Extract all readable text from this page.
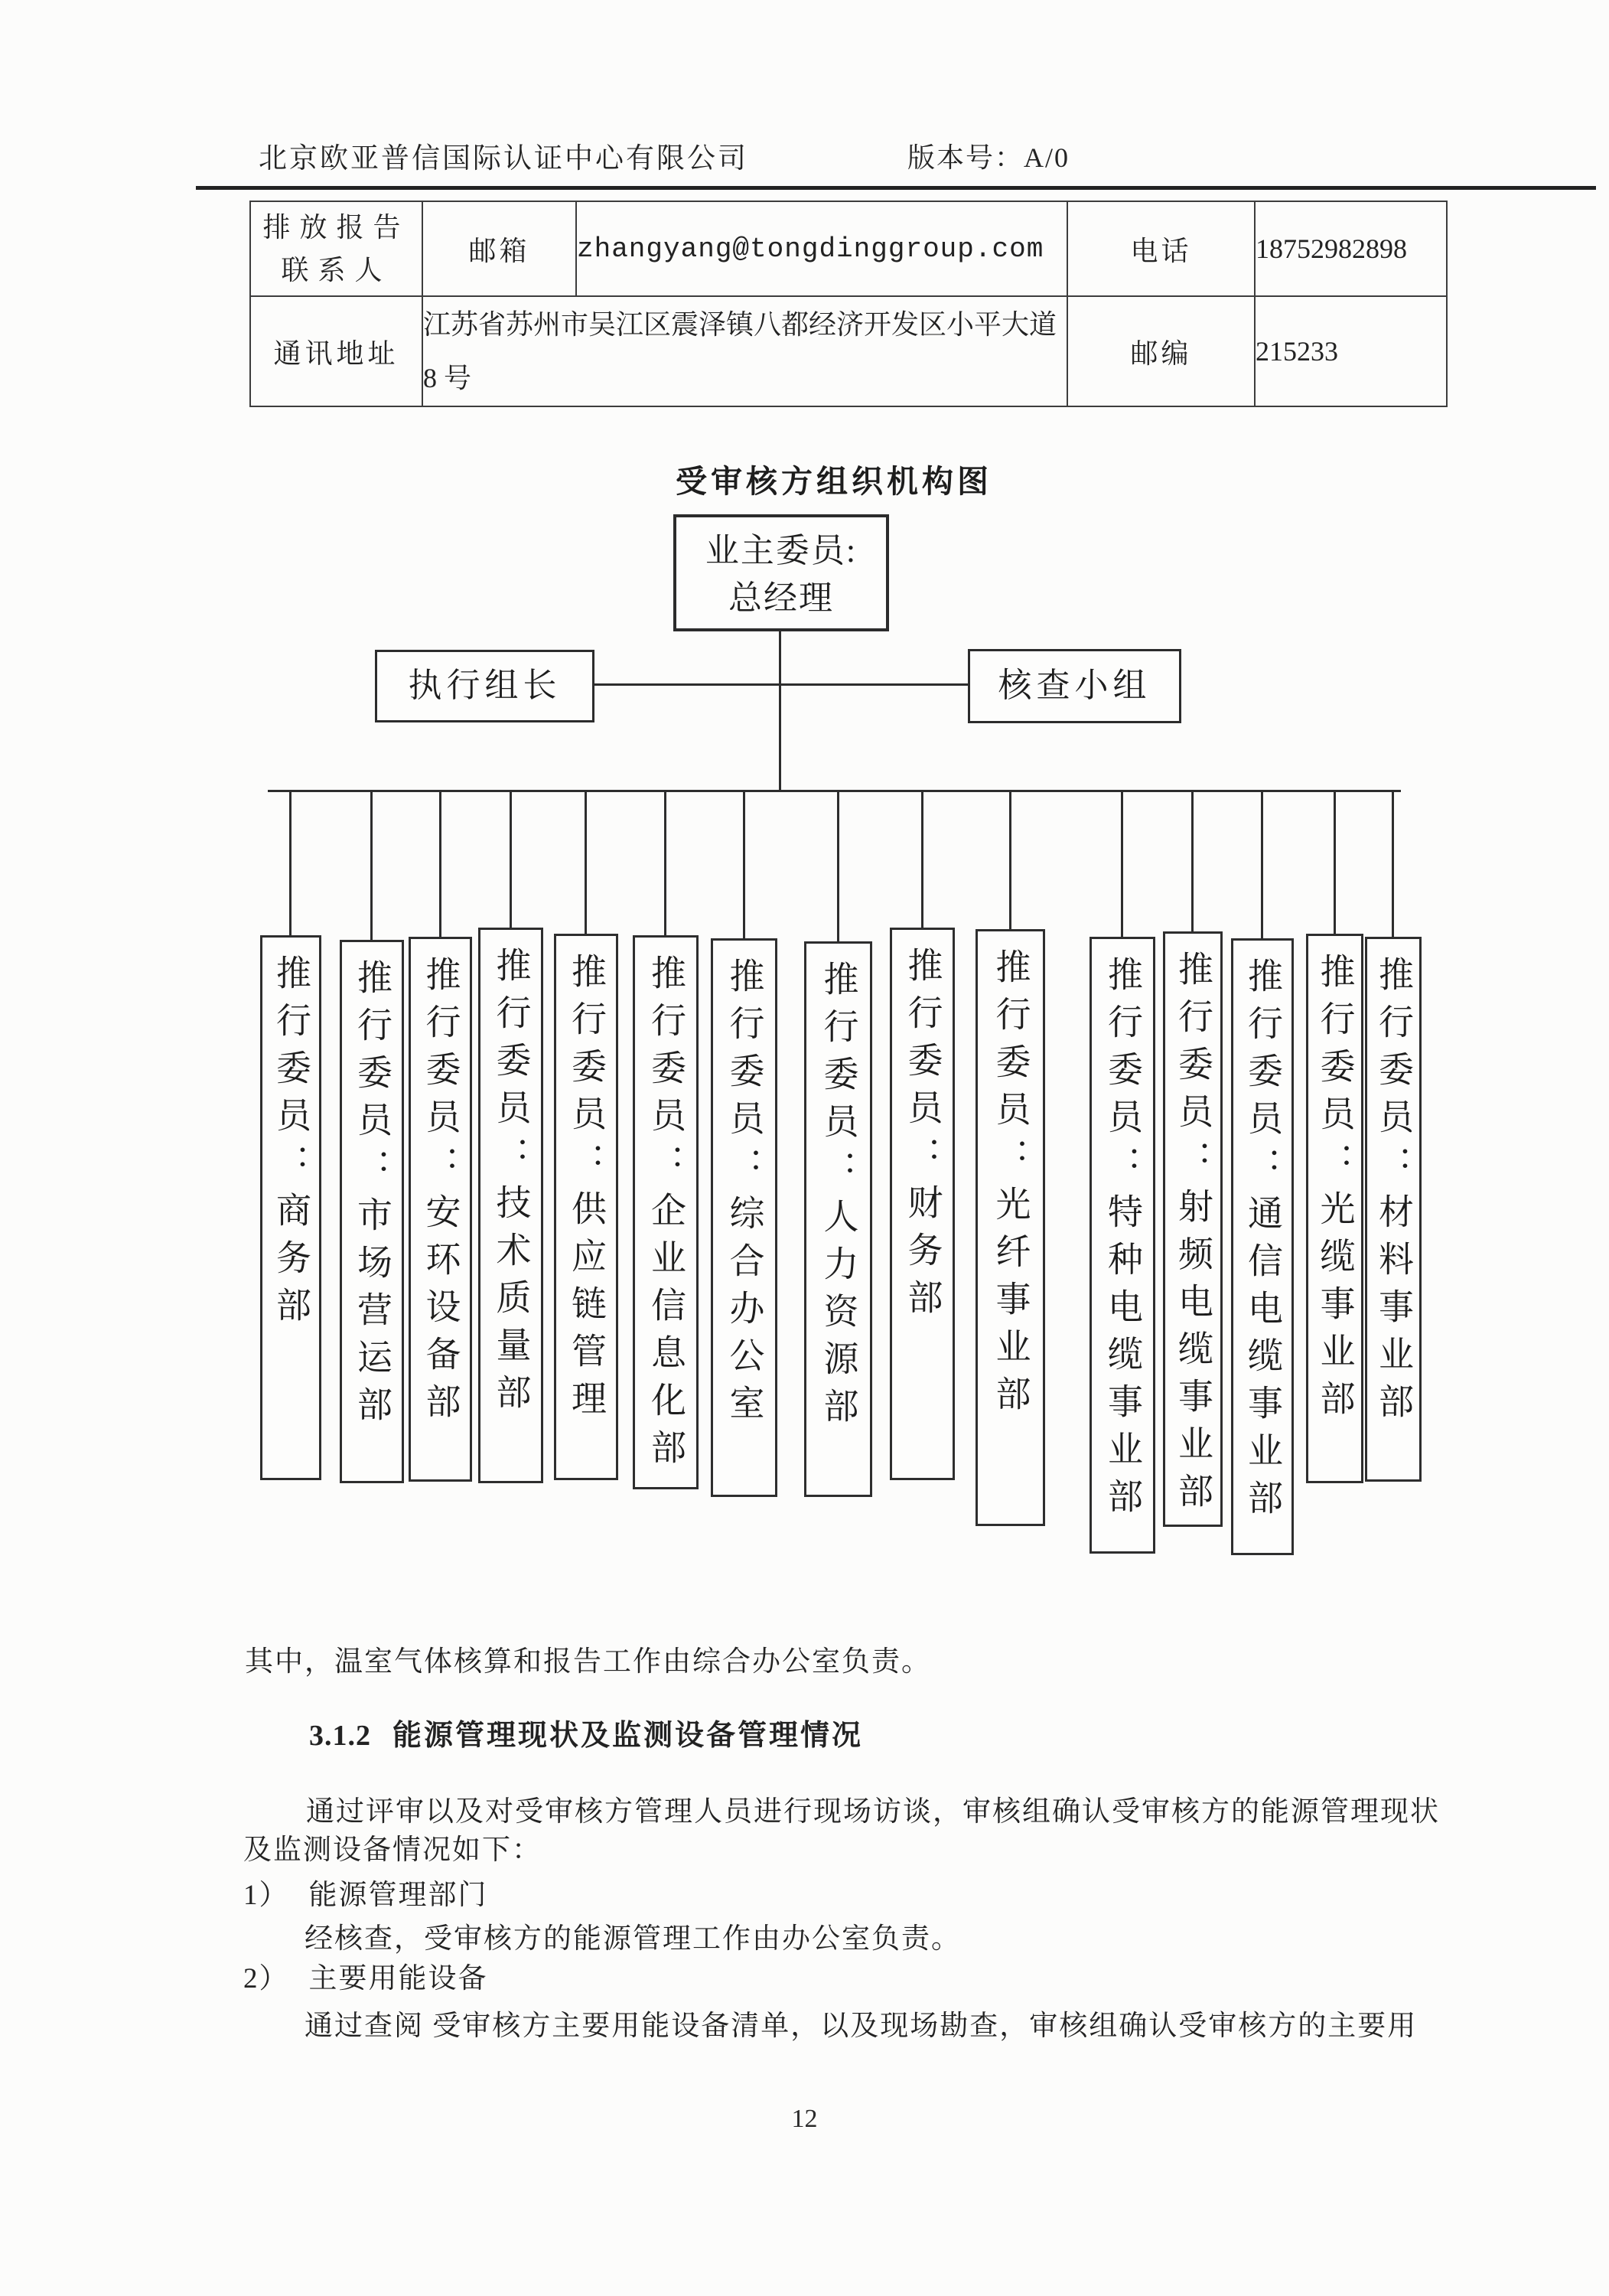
北京欧亚普信国际认证中心有限公司	版本号：A/0
排放报告
联系人	邮箱	zhangyang@tongdinggroup.com	电话	18752982898
通讯地址	江苏省苏州市吴江区震泽镇八都经济开发区小平大道 8 号		邮编	215233
受审核方组织机构图
业主委员:
总经理
执行组长	核查小组
推行委员：商务部 推行委员：市场营运部 推行委员：安环设备部 推行委员：技术质量部 推行委员：供应链管理 推行委员：企业信息化部 推行委员：综合办公室 推行委员：人力资源部 推行委员：财务部 推行委员：光纤事业部 推行委员：特种电缆事业部 推行委员：射频电缆事业部 推行委员：通信电缆事业部 推行委员：光缆事业部 推行委员：材料事业部
其中，温室气体核算和报告工作由综合办公室负责。
3.1.2 能源管理现状及监测设备管理情况
通过评审以及对受审核方管理人员进行现场访谈，审核组确认受审核方的能源管理现状
及监测设备情况如下：
1） 能源管理部门
经核查，受审核方的能源管理工作由办公室负责。
2） 主要用能设备
通过查阅 受审核方主要用能设备清单，以及现场勘查，审核组确认受审核方的主要用
12
